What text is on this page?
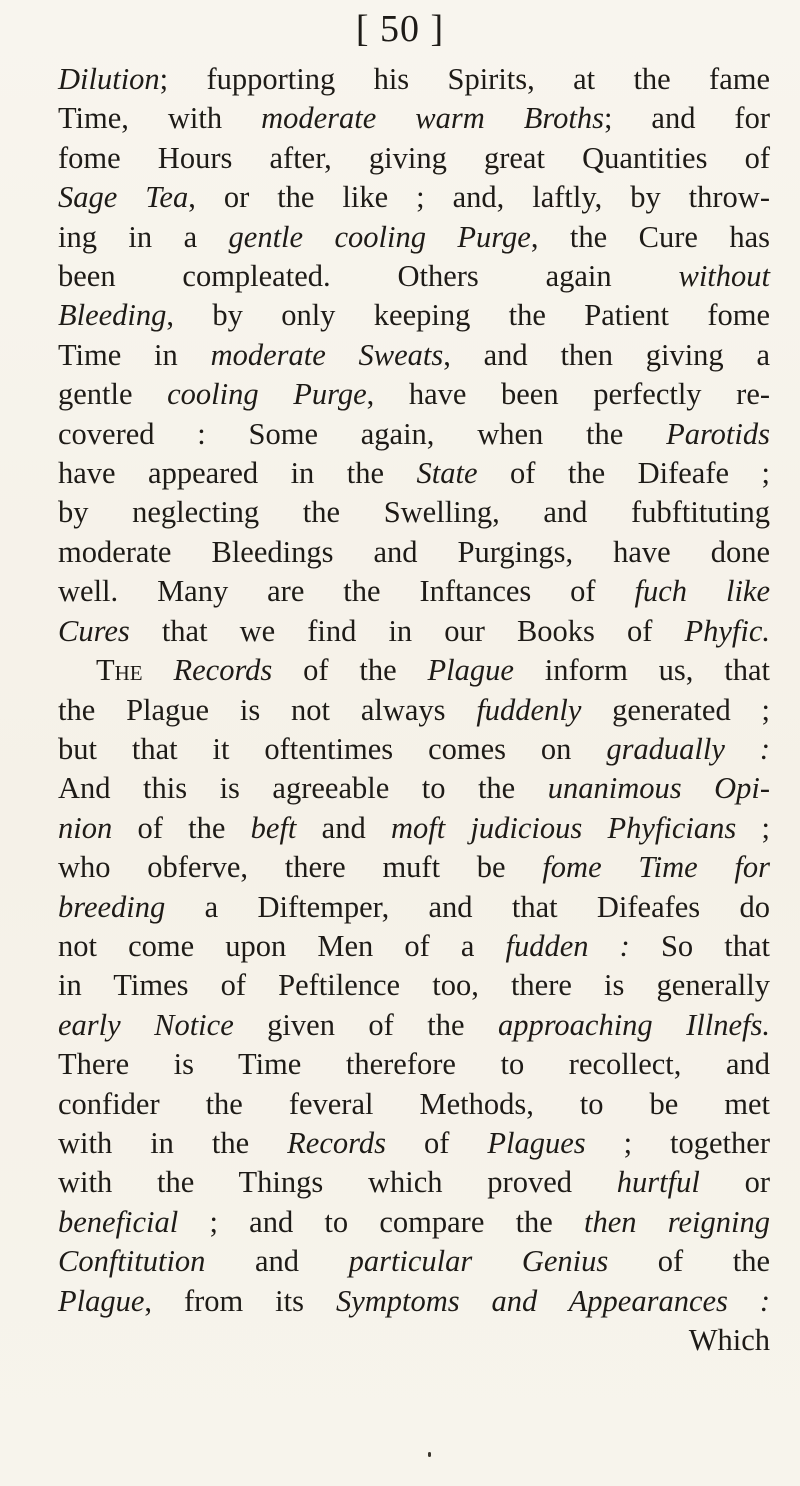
[ 50 ]
Dilution; fupporting his Spirits, at the fame
Time, with moderate warm Broths; and for
fome Hours after, giving great Quantities of
Sage Tea, or the like ; and, laftly, by throw-
ing in a gentle cooling Purge, the Cure has
been compleated. Others again without
Bleeding, by only keeping the Patient fome
Time in moderate Sweats, and then giving a
gentle cooling Purge, have been perfectly re-
covered : Some again, when the Parotids
have appeared in the State of the Difeafe ;
by neglecting the Swelling, and fubftituting
moderate Bleedings and Purgings, have done
well. Many are the Inftances of fuch like
Cures that we find in our Books of Phyfic.
The Records of the Plague inform us, that
the Plague is not always fuddenly generated ;
but that it oftentimes comes on gradually :
And this is agreeable to the unanimous Opi-
nion of the beft and moft judicious Phyficians ;
who obferve, there muft be fome Time for
breeding a Diftemper, and that Difeafes do
not come upon Men of a fudden : So that
in Times of Peftilence too, there is generally
early Notice given of the approaching Illnefs.
There is Time therefore to recollect, and
confider the feveral Methods, to be met
with in the Records of Plagues ; together
with the Things which proved hurtful or
beneficial ; and to compare the then reigning
Conftitution and particular Genius of the
Plague, from its Symptoms and Appearances :
Which
